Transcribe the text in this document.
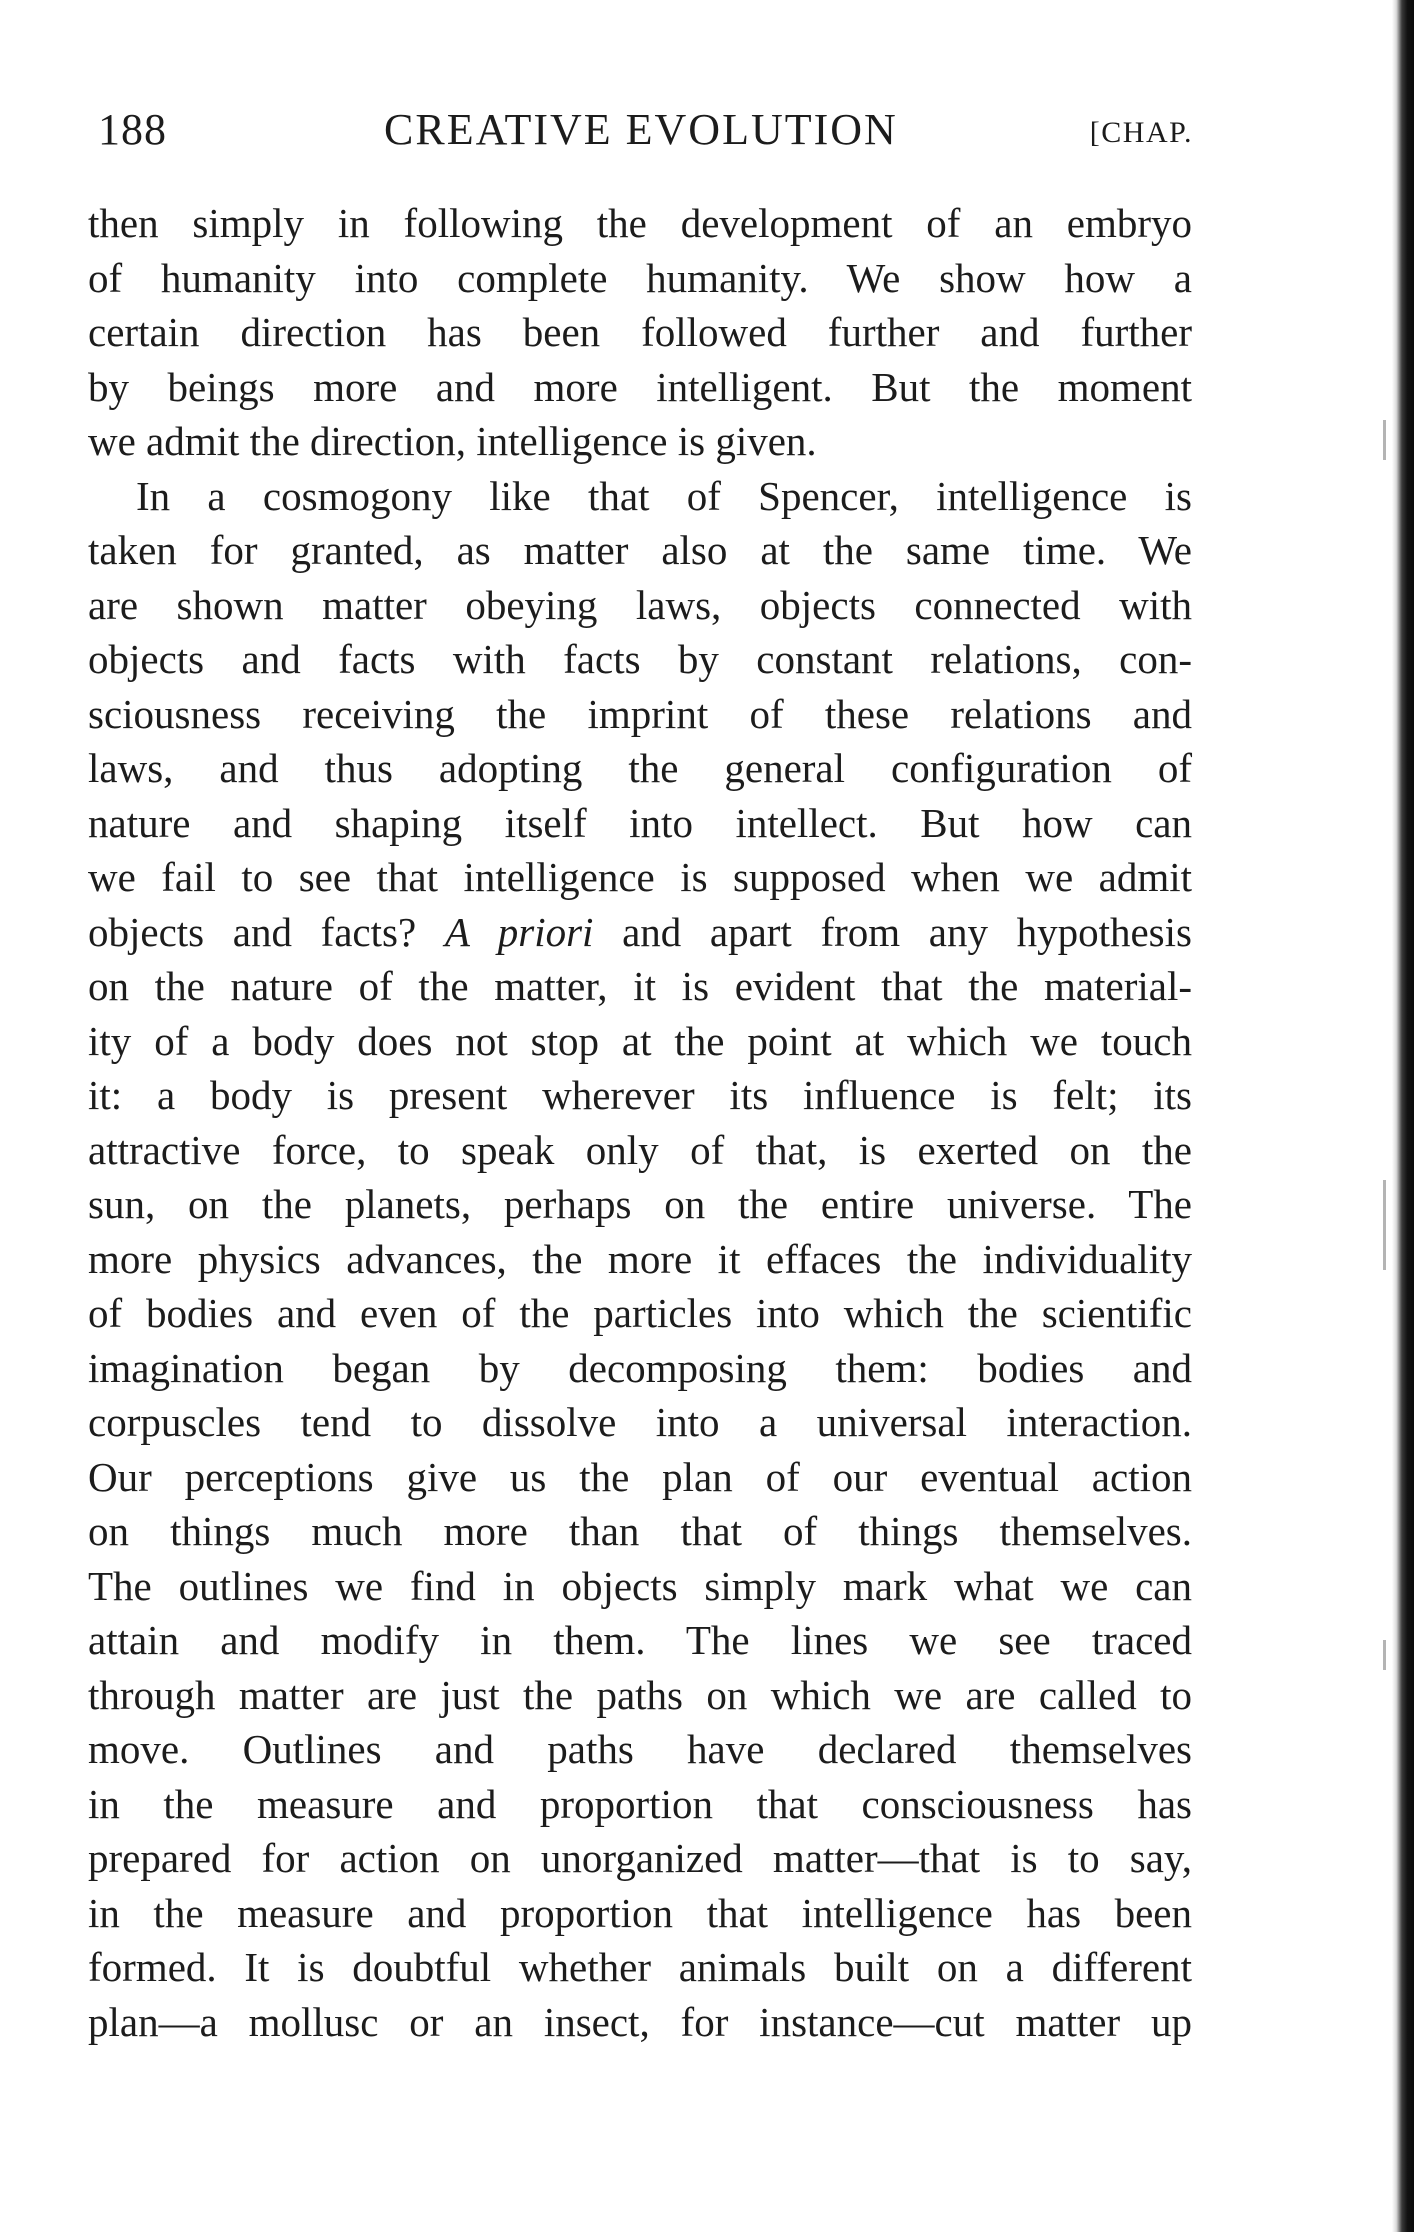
188	CREATIVE EVOLUTION	[CHAP.
then simply in following the development of an embryo
of humanity into complete humanity. We show how a
certain direction has been followed further and further
by beings more and more intelligent. But the moment
we admit the direction, intelligence is given.
In a cosmogony like that of Spencer, intelligence is
taken for granted, as matter also at the same time. We
are shown matter obeying laws, objects connected with
objects and facts with facts by constant relations, con-
sciousness receiving the imprint of these relations and
laws, and thus adopting the general configuration of
nature and shaping itself into intellect. But how can
we fail to see that intelligence is supposed when we admit
objects and facts? A priori and apart from any hypothesis
on the nature of the matter, it is evident that the material-
ity of a body does not stop at the point at which we touch
it: a body is present wherever its influence is felt; its
attractive force, to speak only of that, is exerted on the
sun, on the planets, perhaps on the entire universe. The
more physics advances, the more it effaces the individuality
of bodies and even of the particles into which the scientific
imagination began by decomposing them: bodies and
corpuscles tend to dissolve into a universal interaction.
Our perceptions give us the plan of our eventual action
on things much more than that of things themselves.
The outlines we find in objects simply mark what we can
attain and modify in them. The lines we see traced
through matter are just the paths on which we are called to
move. Outlines and paths have declared themselves
in the measure and proportion that consciousness has
prepared for action on unorganized matter—that is to say,
in the measure and proportion that intelligence has been
formed. It is doubtful whether animals built on a different
plan—a mollusc or an insect, for instance—cut matter up
